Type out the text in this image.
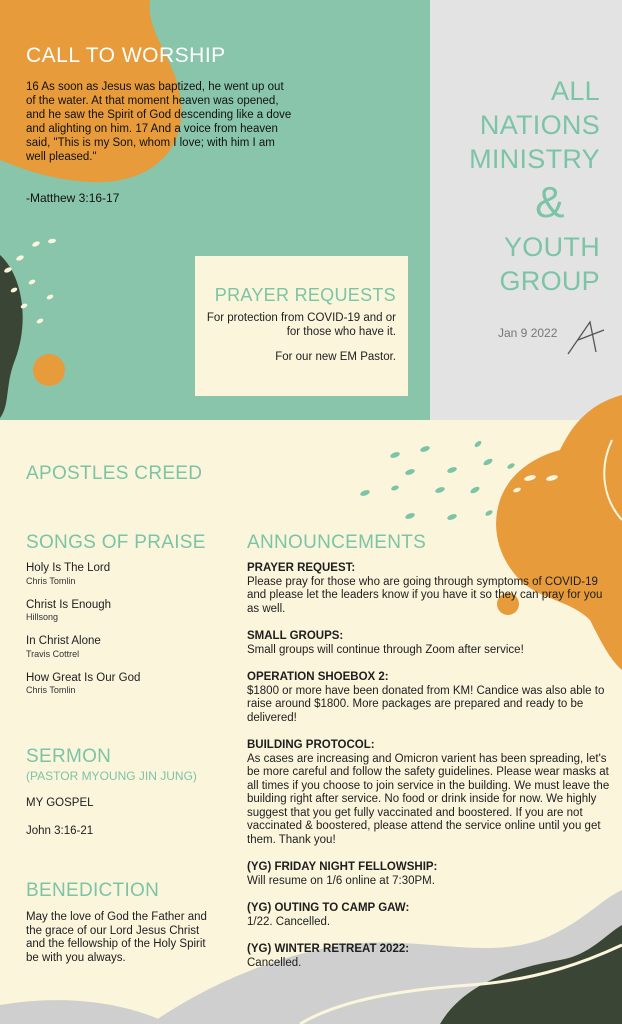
CALL TO WORSHIP
16 As soon as Jesus was baptized, he went up out of the water. At that moment heaven was opened, and he saw the Spirit of God descending like a dove and alighting on him. 17 And a voice from heaven said, "This is my Son, whom I love; with him I am well pleased."
-Matthew 3:16-17
PRAYER REQUESTS
For protection from COVID-19 and or for those who have it.
For our new EM Pastor.
ALL
NATIONS
MINISTRY
&
YOUTH
GROUP
Jan 9 2022
APOSTLES CREED
SONGS OF PRAISE
Holy Is The Lord
Chris Tomlin
Christ Is Enough
Hillsong
In Christ Alone
Travis Cottrel
How Great Is Our God
Chris Tomlin
SERMON
(PASTOR MYOUNG JIN JUNG)
MY GOSPEL
John 3:16-21
BENEDICTION
May the love of God the Father and the grace of our Lord Jesus Christ and the fellowship of the Holy Spirit be with you always.
ANNOUNCEMENTS
PRAYER REQUEST:
Please pray for those who are going through symptoms of COVID-19 and please let the leaders know if you have it so they can pray for you as well.
SMALL GROUPS:
Small groups will continue through Zoom after service!
OPERATION SHOEBOX 2:
$1800 or more have been donated from KM! Candice was also able to raise around $1800. More packages are prepared and ready to be delivered!
BUILDING PROTOCOL:
As cases are increasing and Omicron varient has been spreading, let's be more careful and follow the safety guidelines. Please wear masks at all times if you choose to join service in the building. We must leave the building right after service. No food or drink inside for now. We highly suggest that you get fully vaccinated and boostered. If you are not vaccinated & boostered, please attend the service online until you get them. Thank you!
(YG) FRIDAY NIGHT FELLOWSHIP:
Will resume on 1/6 online at 7:30PM.
(YG) OUTING TO CAMP GAW:
1/22. Cancelled.
(YG) WINTER RETREAT 2022:
Cancelled.
